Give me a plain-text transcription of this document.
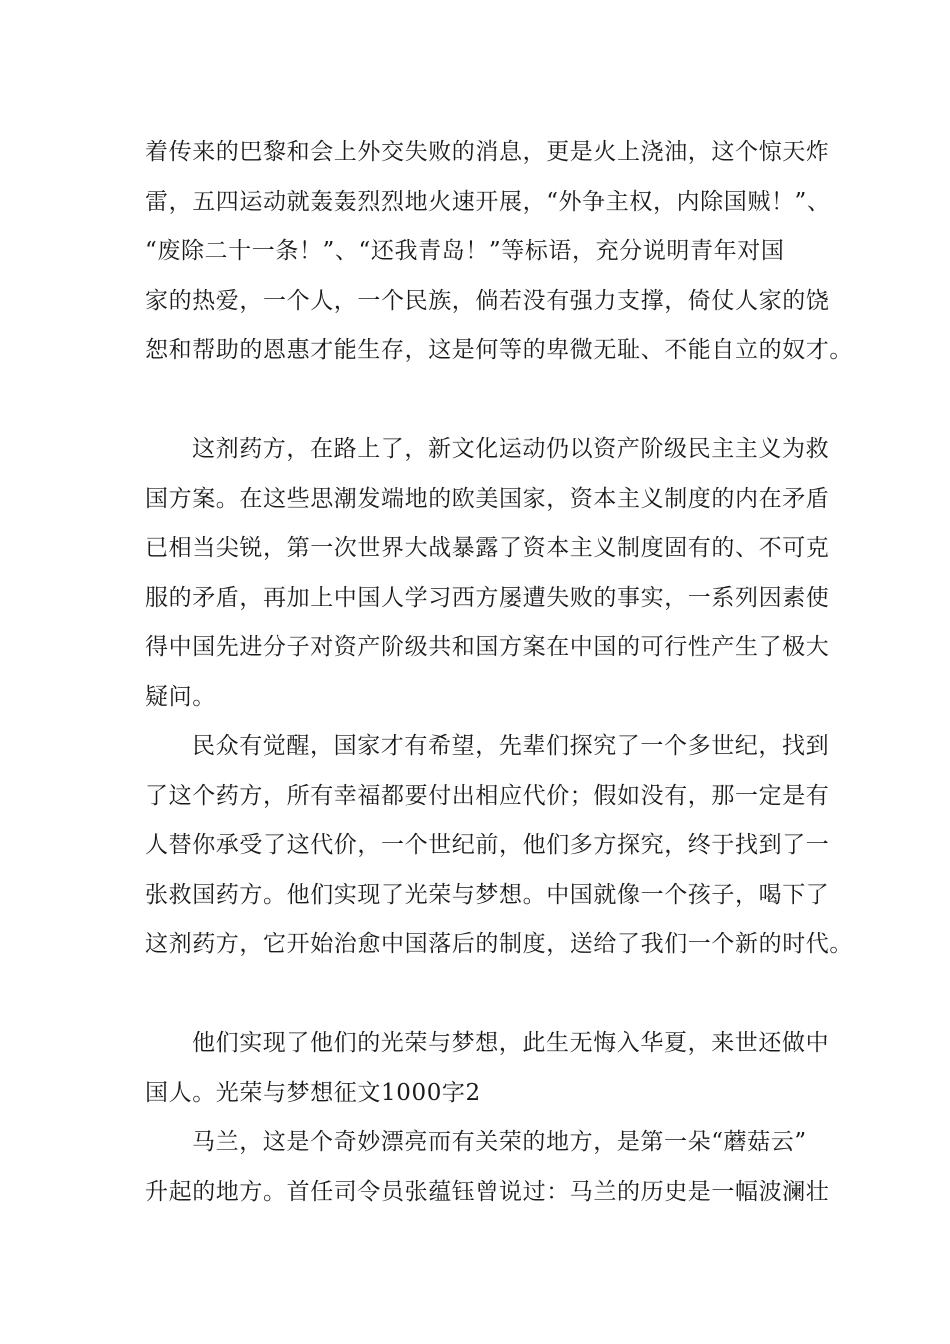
着传来的巴黎和会上外交失败的消息，更是火上浇油，这个惊天炸
雷，五四运动就轰轰烈烈地火速开展，“外争主权，内除国贼！”、
“废除二十一条！”、“还我青岛！”等标语，充分说明青年对国
家的热爱，一个人，一个民族，倘若没有强力支撑，倚仗人家的饶
恕和帮助的恩惠才能生存，这是何等的卑微无耻、不能自立的奴才。
这剂药方，在路上了，新文化运动仍以资产阶级民主主义为救
国方案。在这些思潮发端地的欧美国家，资本主义制度的内在矛盾
已相当尖锐，第一次世界大战暴露了资本主义制度固有的、不可克
服的矛盾，再加上中国人学习西方屡遭失败的事实，一系列因素使
得中国先进分子对资产阶级共和国方案在中国的可行性产生了极大
疑问。
民众有觉醒，国家才有希望，先辈们探究了一个多世纪，找到
了这个药方，所有幸福都要付出相应代价；假如没有，那一定是有
人替你承受了这代价，一个世纪前，他们多方探究，终于找到了一
张救国药方。他们实现了光荣与梦想。中国就像一个孩子，喝下了
这剂药方，它开始治愈中国落后的制度，送给了我们一个新的时代。
他们实现了他们的光荣与梦想，此生无悔入华夏，来世还做中
国人。光荣与梦想征文1000字2
马兰，这是个奇妙漂亮而有关荣的地方，是第一朵“蘑菇云”
升起的地方。首任司令员张蕴钰曾说过：马兰的历史是一幅波澜壮
